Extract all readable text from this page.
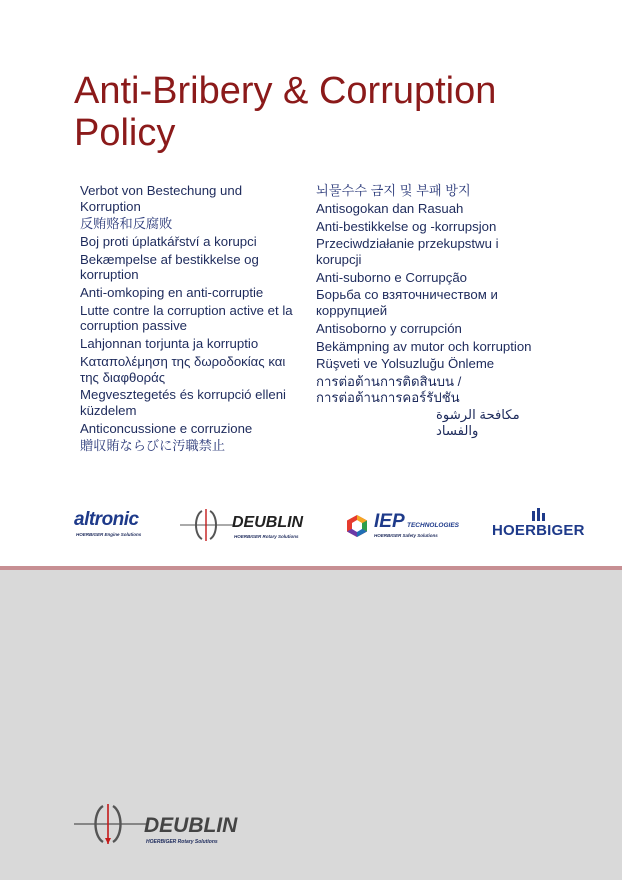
Anti-Bribery & Corruption
Policy
Verbot von Bestechung und Korruption
反贿赂和反腐败
Boj proti úplatkářství a korupci
Bekæmpelse af bestikkelse og korruption
Anti-omkoping en anti-corruptie
Lutte contre la corruption active et la corruption passive
Lahjonnan torjunta ja korruptio
Καταπολέμηση της δωροδοκίας και της διαφθοράς
Megvesztegetés és korrupció elleni küzdelem
Anticoncussione e corruzione
贈収賄ならびに汚職禁止
뇌물수수 금지 및 부패 방지
Antisogokan dan Rasuah
Anti-bestikkelse og -korrupsjon
Przeciwdziałanie przekupstwu i korupcji
Anti-suborno e Corrupção
Борьба со взяточничеством и коррупцией
Antisoborno y corrupción
Bekämpning av mutor och korruption
Rüşveti ve Yolsuzluğu Önleme
การต่อต้านการติดสินบน /
การต่อต้านการคอร์รัปชัน
مكافحة الرشوة والفساد
altronic
HOERBIGER Engine Solutions
DEUBLIN
HOERBIGER Rotary Solutions
IEP TECHNOLOGIES
HOERBIGER Safety Solutions	HOERBIGER
DEUBLIN
HOERBIGER Rotary Solutions
